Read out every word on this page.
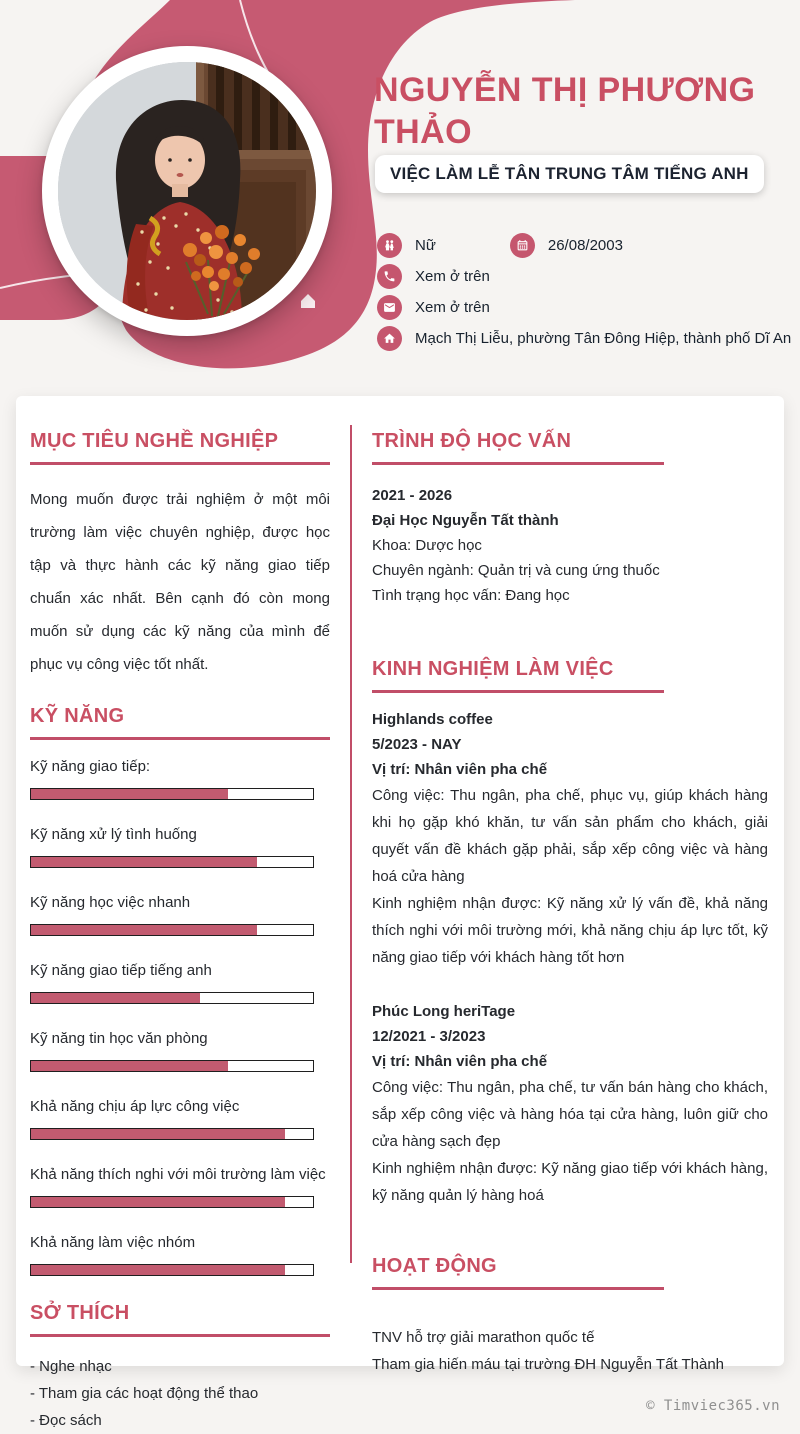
NGUYỄN THỊ PHƯƠNG THẢO
VIỆC LÀM LỄ TÂN TRUNG TÂM TIẾNG ANH
Nữ	26/08/2003
Xem ở trên
Xem ở trên
Mạch Thị Liễu, phường Tân Đông Hiệp, thành phố Dĩ An
MỤC TIÊU NGHỀ NGHIỆP

Mong muốn được trải nghiệm ở một môi trường làm việc chuyên nghiệp, được học tập và thực hành các kỹ năng giao tiếp chuẩn xác nhất. Bên cạnh đó còn mong muốn sử dụng các kỹ năng của mình để phục vụ công việc tốt nhất.

KỸ NĂNG
Kỹ năng giao tiếp:
Kỹ năng xử lý tình huống
Kỹ năng học việc nhanh
Kỹ năng giao tiếp tiếng anh
Kỹ năng tin học văn phòng
Khả năng chịu áp lực công việc
Khả năng thích nghi với môi trường làm việc
Khả năng làm việc nhóm
SỞ THÍCH
- Nghe nhạc
- Tham gia các hoạt động thể thao
- Đọc sách
TRÌNH ĐỘ HỌC VẤN
2021 - 2026
Đại Học Nguyễn Tất thành
Khoa: Dược học
Chuyên ngành: Quản trị và cung ứng thuốc
Tình trạng học vấn: Đang học
KINH NGHIỆM LÀM VIỆC
Highlands coffee
5/2023 - NAY
Vị trí: Nhân viên pha chế

Công việc: Thu ngân, pha chế, phục vụ, giúp khách hàng khi họ gặp khó khăn, tư vấn sản phẩm cho khách, giải quyết vấn đề khách gặp phải, sắp xếp công việc và hàng hoá cửa hàng

Kinh nghiệm nhận được: Kỹ năng xử lý vấn đề, khả năng thích nghi với môi trường mới, khả năng chịu áp lực tốt, kỹ năng giao tiếp với khách hàng tốt hơn

Phúc Long heriTage
12/2021 - 3/2023
Vị trí: Nhân viên pha chế

Công việc: Thu ngân, pha chế, tư vấn bán hàng cho khách, sắp xếp công việc và hàng hóa tại cửa hàng, luôn giữ cho cửa hàng sạch đẹp

Kinh nghiệm nhận được: Kỹ năng giao tiếp với khách hàng, kỹ năng quản lý hàng hoá

HOẠT ĐỘNG
TNV hỗ trợ giải marathon quốc tế
Tham gia hiến máu tại trường ĐH Nguyễn Tất Thành
© Timviec365.vn
